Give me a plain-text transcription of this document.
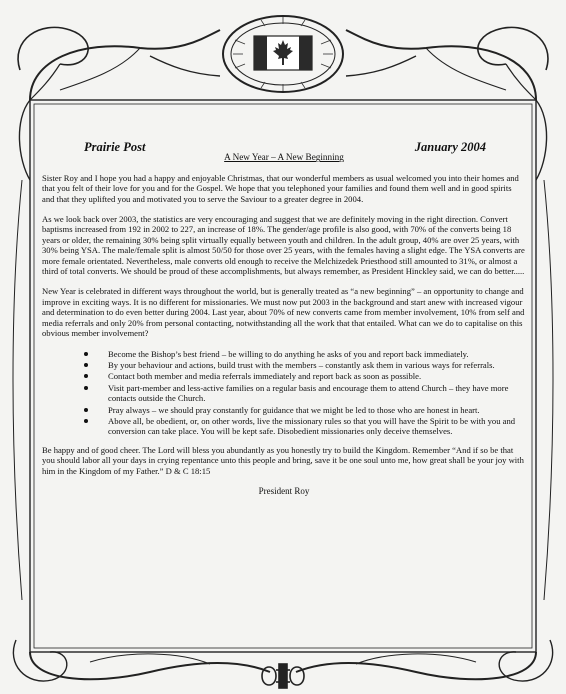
Prairie Post	January 2004
A New Year – A New Beginning

Sister Roy and I hope you had a happy and enjoyable Christmas, that our wonderful members as usual welcomed you into their homes and that you felt of their love for you and for the Gospel. We hope that you telephoned your families and found them well and in good spirits and that they uplifted you and motivated you to serve the Saviour to a greater degree in 2004.

As we look back over 2003, the statistics are very encouraging and suggest that we are definitely moving in the right direction. Convert baptisms increased from 192 in 2002 to 227, an increase of 18%. The gender/age profile is also good, with 70% of the converts being 18 years or older, the remaining 30% being split virtually equally between youth and children. In the adult group, 40% are over 25 years, with 30% being YSA. The male/female split is almost 50/50 for those over 25 years, with the females having a slight edge. The YSA converts are more female orientated. Nevertheless, male converts old enough to receive the Melchizedek Priesthood still amounted to 31%, or almost a third of total converts. We should be proud of these accomplishments, but always remember, as President Hinckley said, we can do better.....

New Year is celebrated in different ways throughout the world, but is generally treated as “a new beginning” – an opportunity to change and improve in exciting ways. It is no different for missionaries. We must now put 2003 in the background and start anew with increased vigour and determination to do even better during 2004. Last year, about 70% of new converts came from member involvement, 10% from self and media referrals and only 20% from personal contacting, notwithstanding all the work that that entailed. What can we do to capitalise on this obvious member involvement?

Become the Bishop’s best friend – be willing to do anything he asks of you and report back immediately.
By your behaviour and actions, build trust with the members – constantly ask them in various ways for referrals.
Contact both member and media referrals immediately and report back as soon as possible.
Visit part-member and less-active families on a regular basis and encourage them to attend Church – they have more contacts outside the Church.
Pray always – we should pray constantly for guidance that we might be led to those who are honest in heart.
Above all, be obedient, or, on other words, live the missionary rules so that you will have the Spirit to be with you and conversion can take place. You will be kept safe. Disobedient missionaries only deceive themselves.

Be happy and of good cheer. The Lord will bless you abundantly as you honestly try to build the Kingdom. Remember “And if so be that you should labor all your days in crying repentance unto this people and bring, save it be one soul unto me, how great shall be your joy with him in the Kingdom of my Father.” D & C 18:15

President Roy
